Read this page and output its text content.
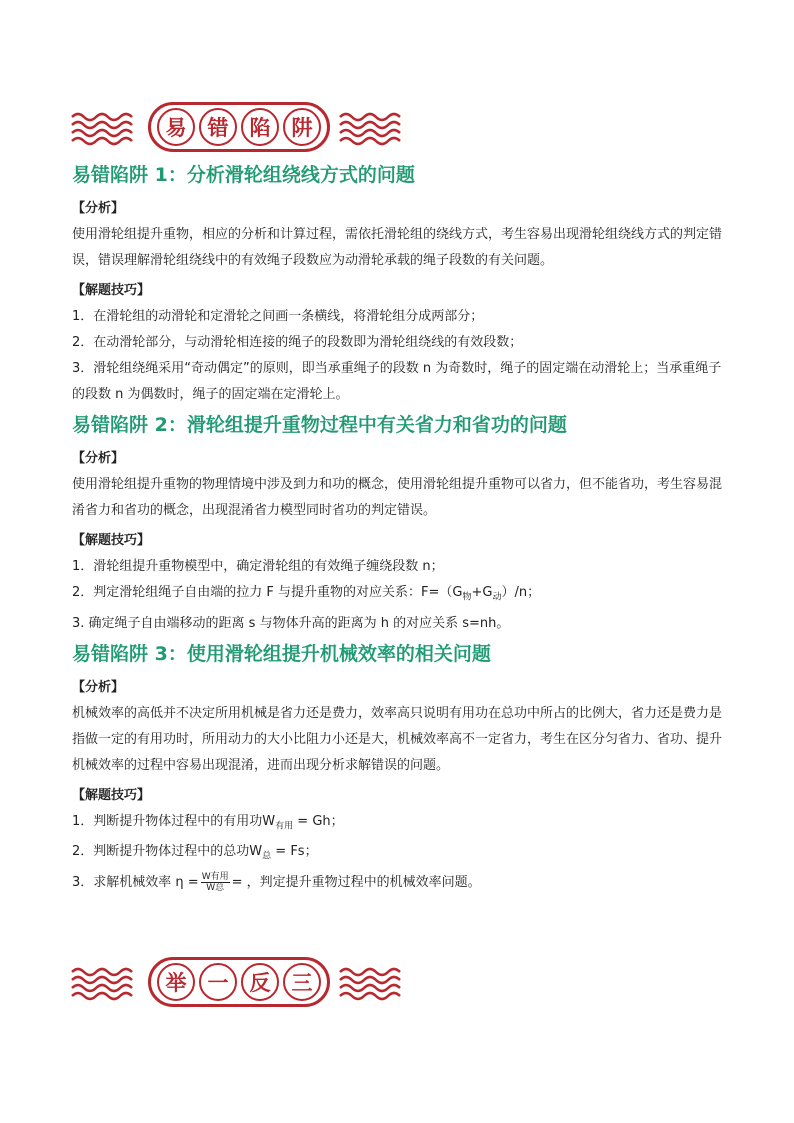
易	错	陷	阱
易错陷阱 1：分析滑轮组绕线方式的问题
【分析】

使用滑轮组提升重物，相应的分析和计算过程，需依托滑轮组的绕线方式，考生容易出现滑轮组绕线方式的判定错误，错误理解滑轮组绕线中的有效绳子段数应为动滑轮承载的绳子段数的有关问题。

【解题技巧】

1．在滑轮组的动滑轮和定滑轮之间画一条横线，将滑轮组分成两部分；

2．在动滑轮部分，与动滑轮相连接的绳子的段数即为滑轮组绕线的有效段数；

3．滑轮组绕绳采用“奇动偶定”的原则，即当承重绳子的段数 n 为奇数时，绳子的固定端在动滑轮上；当承重绳子的段数 n 为偶数时，绳子的固定端在定滑轮上。

易错陷阱 2：滑轮组提升重物过程中有关省力和省功的问题
【分析】

使用滑轮组提升重物的物理情境中涉及到力和功的概念，使用滑轮组提升重物可以省力，但不能省功，考生容易混淆省力和省功的概念，出现混淆省力模型同时省功的判定错误。

【解题技巧】

1．滑轮组提升重物模型中，确定滑轮组的有效绳子缠绕段数 n；

2．判定滑轮组绳子自由端的拉力 F 与提升重物的对应关系：$F=(G_物+G_动)/n$；

3. 确定绳子自由端移动的距离 s 与物体升高的距离为 h 的对应关系 s=nh。

易错陷阱 3：使用滑轮组提升机械效率的相关问题
【分析】

机械效率的高低并不决定所用机械是省力还是费力，效率高只说明有用功在总功中所占的比例大，省力还是费力是指做一定的有用功时，所用动力的大小比阻力小还是大，机械效率高不一定省力，考生在区分匀省力、省功、提升机械效率的过程中容易出现混淆，进而出现分析求解错误的问题。

【解题技巧】

1．判断提升物体过程中的有用功$W_{有用} = Gh$；

2．判断提升物体过程中的总功$W_总 = Fs$；

3．求解机械效率 $\eta = \frac{\text{W有用}}{\text{W总}}$ = ，判定提升重物过程中的机械效率问题。

举	一	反	三
